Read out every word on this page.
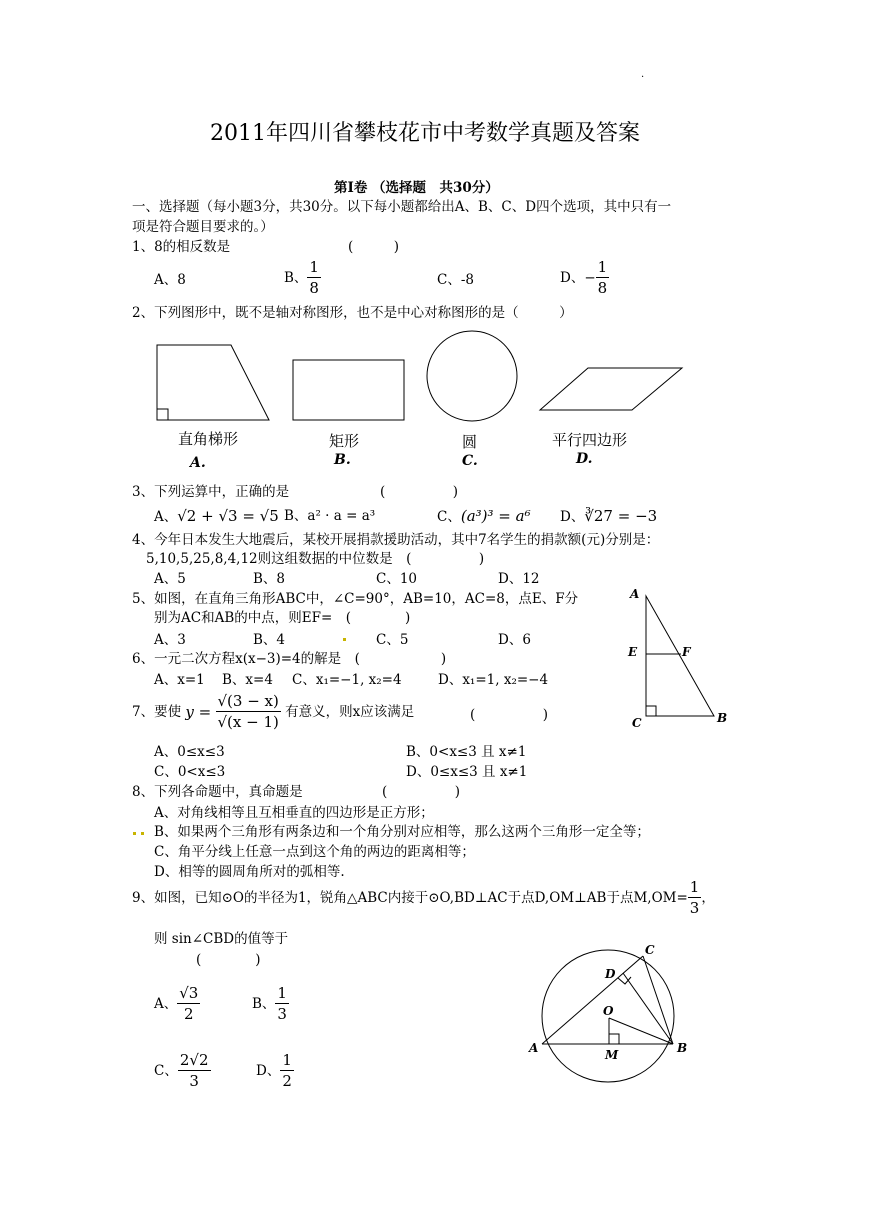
.
2011年四川省攀枝花市中考数学真题及答案
第Ⅰ卷 （选择题　共30分）
一、选择题（每小题3分，共30分。以下每小题都给出A、B、C、D四个选项，其中只有一
项是符合题目要求的。）
1、8的相反数是	(　　　)
A、8	B、 $\frac{1}{8}$	C、-8	D、− $\frac{1}{8}$
2、下列图形中，既不是轴对称图形，也不是中心对称图形的是（　　　）
直角梯形	矩形	圆	平行四边形
A.	B.	C.	D.
3、下列运算中，正确的是	(　　　　　)
A、√2 + √3 = √5 B、a² · a = a³	C、(a³)³ = a⁶ D、∛27 = −3
4、今年日本发生大地震后，某校开展捐款援助活动，其中7名学生的捐款额(元)分别是：
5,10,5,25,8,4,12则这组数据的中位数是　(　　　　　)
A、5	B、8	C、10	D、12
5、如图，在直角三角形ABC中，∠C=90°，AB=10，AC=8，点E、F分
别为AC和AB的中点，则EF=　(　　　　)
A、3	B、4	C、5	D、6
A
E	F
C	B
6、一元二次方程x(x−3)=4的解是　(　　　　　　)
A、x=1 B、x=4 C、x₁=−1, x₂=4	D、x₁=1, x₂=−4
7、要使 $y = \frac{√(3 - x)}{√(x - 1)}$ 有意义，则x应该满足	(　　　　　)
A、0≤x≤3	B、0<x≤3 且 x≠1
C、0<x≤3	D、0≤x≤3 且 x≠1
8、下列各命题中，真命题是	(　　　　　)
A、对角线相等且互相垂直的四边形是正方形；
B、如果两个三角形有两条边和一个角分别对应相等，那么这两个三角形一定全等；
C、角平分线上任意一点到这个角的两边的距离相等；
D、相等的圆周角所对的弧相等.
9、如图，已知⊙O的半径为1，锐角△ABC内接于⊙O,BD⊥AC于点D,OM⊥AB于点$M,OM= \frac{1}{3}$ ，
则 sin∠CBD的值等于
(　　　　)
A、 $\frac{√3}{2}$	B、 $\frac{1}{3}$
C、 $\frac{2√2}{3}$	D、 $\frac{1}{2}$
C
D
O
A	M	B
